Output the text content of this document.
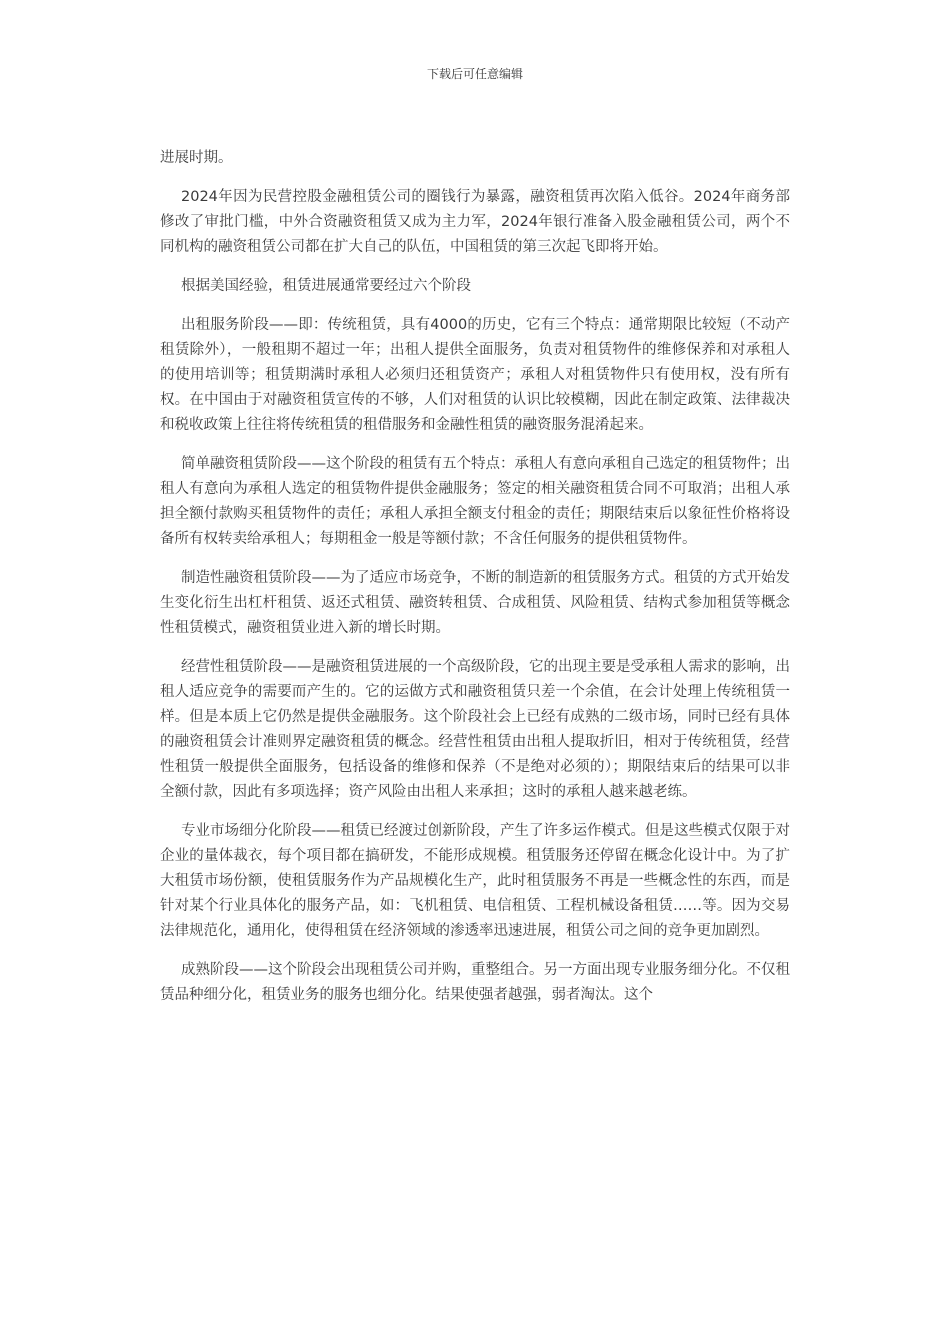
下载后可任意编辑

进展时期。

2024年因为民营控股金融租赁公司的圈钱行为暴露，融资租赁再次陷入低谷。2024年商务部修改了审批门槛，中外合资融资租赁又成为主力军，2024年银行准备入股金融租赁公司，两个不同机构的融资租赁公司都在扩大自己的队伍，中国租赁的第三次起飞即将开始。

根据美国经验，租赁进展通常要经过六个阶段

出租服务阶段——即：传统租赁，具有4000的历史，它有三个特点：通常期限比较短（不动产租赁除外），一般租期不超过一年；出租人提供全面服务，负责对租赁物件的维修保养和对承租人的使用培训等；租赁期满时承租人必须归还租赁资产；承租人对租赁物件只有使用权，没有所有权。在中国由于对融资租赁宣传的不够，人们对租赁的认识比较模糊，因此在制定政策、法律裁决和税收政策上往往将传统租赁的租借服务和金融性租赁的融资服务混淆起来。

简单融资租赁阶段——这个阶段的租赁有五个特点：承租人有意向承租自己选定的租赁物件；出租人有意向为承租人选定的租赁物件提供金融服务；签定的相关融资租赁合同不可取消；出租人承担全额付款购买租赁物件的责任；承租人承担全额支付租金的责任；期限结束后以象征性价格将设备所有权转卖给承租人；每期租金一般是等额付款；不含任何服务的提供租赁物件。

制造性融资租赁阶段——为了适应市场竞争，不断的制造新的租赁服务方式。租赁的方式开始发生变化衍生出杠杆租赁、返还式租赁、融资转租赁、合成租赁、风险租赁、结构式参加租赁等概念性租赁模式，融资租赁业进入新的增长时期。

经营性租赁阶段——是融资租赁进展的一个高级阶段，它的出现主要是受承租人需求的影响，出租人适应竞争的需要而产生的。它的运做方式和融资租赁只差一个余值，在会计处理上传统租赁一样。但是本质上它仍然是提供金融服务。这个阶段社会上已经有成熟的二级市场，同时已经有具体的融资租赁会计准则界定融资租赁的概念。经营性租赁由出租人提取折旧，相对于传统租赁，经营性租赁一般提供全面服务，包括设备的维修和保养（不是绝对必须的）；期限结束后的结果可以非全额付款，因此有多项选择；资产风险由出租人来承担；这时的承租人越来越老练。

专业市场细分化阶段——租赁已经渡过创新阶段，产生了许多运作模式。但是这些模式仅限于对企业的量体裁衣，每个项目都在搞研发，不能形成规模。租赁服务还停留在概念化设计中。为了扩大租赁市场份额，使租赁服务作为产品规模化生产，此时租赁服务不再是一些概念性的东西，而是针对某个行业具体化的服务产品，如：飞机租赁、电信租赁、工程机械设备租赁……等。因为交易法律规范化，通用化，使得租赁在经济领域的渗透率迅速进展，租赁公司之间的竞争更加剧烈。

成熟阶段——这个阶段会出现租赁公司并购，重整组合。另一方面出现专业服务细分化。不仅租赁品种细分化，租赁业务的服务也细分化。结果使强者越强，弱者淘汰。这个
